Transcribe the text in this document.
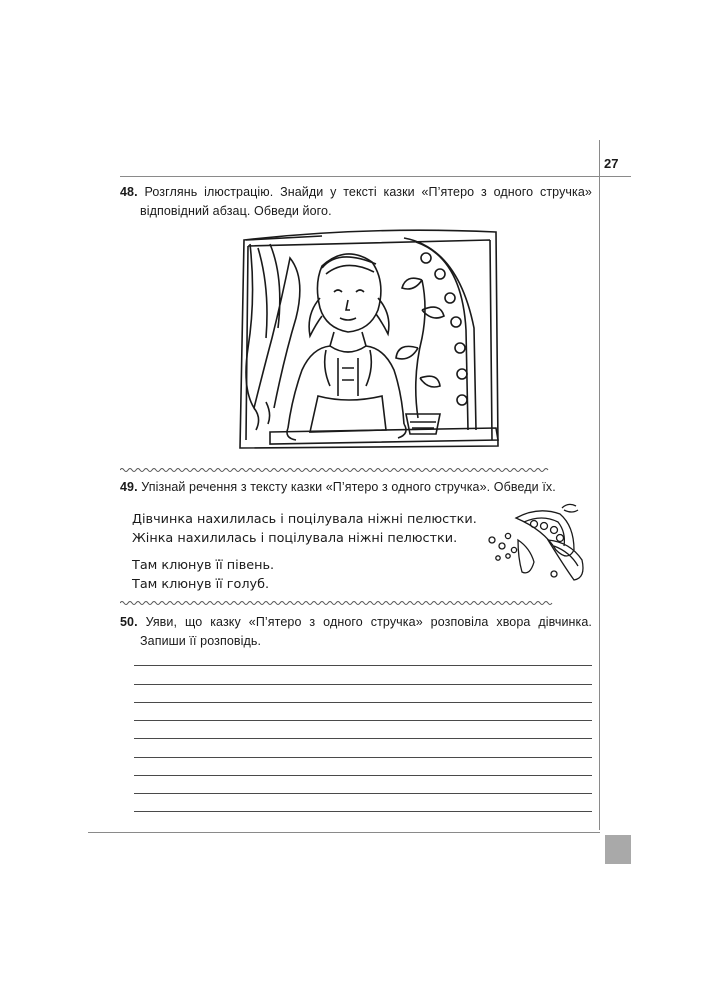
27
48. Розглянь ілюстрацію. Знайди у тексті казки «П’ятеро з одного стручка»
відповідний абзац. Обведи його.
49. Упізнай речення з тексту казки «П’ятеро з одного стручка». Обведи їх.
Дівчинка нахилилась і поцілувала ніжні пелюстки.
Жінка нахилилась і поцілувала ніжні пелюстки.
Там клюнув її півень.
Там клюнув її голуб.
50. Уяви, що казку «П’ятеро з одного стручка» розповіла хвора дівчинка.
Запиши її розповідь.
